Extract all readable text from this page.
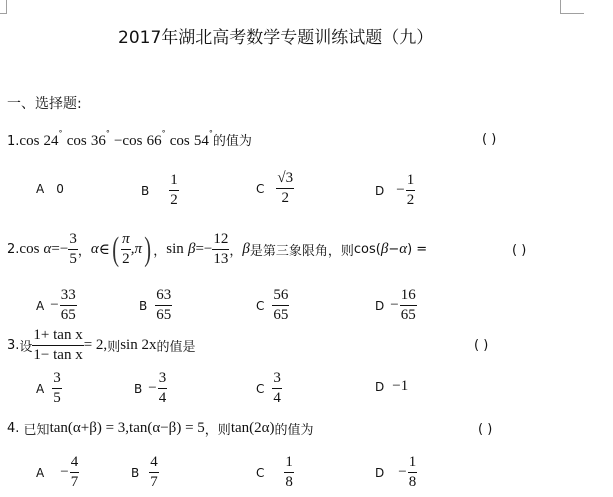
2017年湖北高考数学专题训练试题（九）
一、选择题:
1.cos 24° cos 36° −cos 66° cos 54°的值为	( )
A 0	B $\frac{1}{2}$	C $\frac{√3}{2}$	$D - \frac{1}{2}$
2. cos
$\alpha =- \frac{3}{5}$ ， α ∈ ( $\frac{\pi}{2} ,\pi$ ) ， sin
$\beta =- \frac{12}{13}$ ， β 是第三象限角，则 cos( β − α ) =	( )
$A - \frac{33}{65}$	B $\frac{63}{65}$	C $\frac{56}{65}$	$D - \frac{16}{65}$
3. 设 $\frac{\text{1+ tan x}}{\text{1− tan x}} = 2$, 则 sin 2x 的值是	( )
A $\frac{3}{5}$	$B - \frac{3}{4}$	C $\frac{3}{4}$	D −1
4.
已知 tan(α+β) = 3, tan(α−β) = 5 ， 则 tan(2α) 的值为	( )
$A - \frac{4}{7}$	B $\frac{4}{7}$	C $\frac{1}{8}$	$D - \frac{1}{8}$
